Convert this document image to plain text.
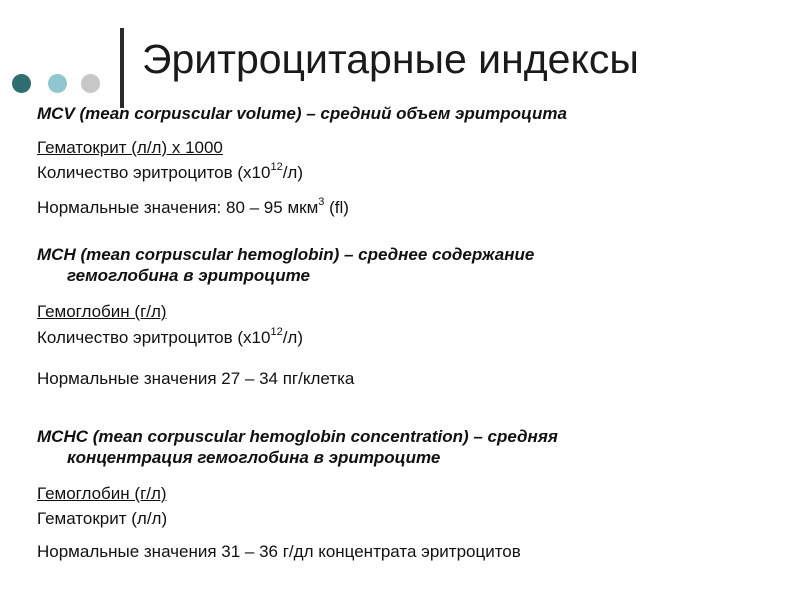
Эритроцитарные индексы
MCV (mean corpuscular volume) – средний объем эритроцита
Гематокрит (л/л) х 1000
Количество эритроцитов $(х10^{12}/л)$
Нормальные значения: 80 – 95 мкм$^3$ (fl)
MCH (mean corpuscular hemoglobin) – среднее содержание
гемоглобина в эритроците
Гемоглобин (г/л)
Количество эритроцитов $(х10^{12}/л)$
Нормальные значения 27 – 34 пг/клетка
MCHC (mean corpuscular hemoglobin concentration) – средняя
концентрация гемоглобина в эритроците
Гемоглобин (г/л)
Гематокрит (л/л)
Нормальные значения 31 – 36 г/дл концентрата эритроцитов
